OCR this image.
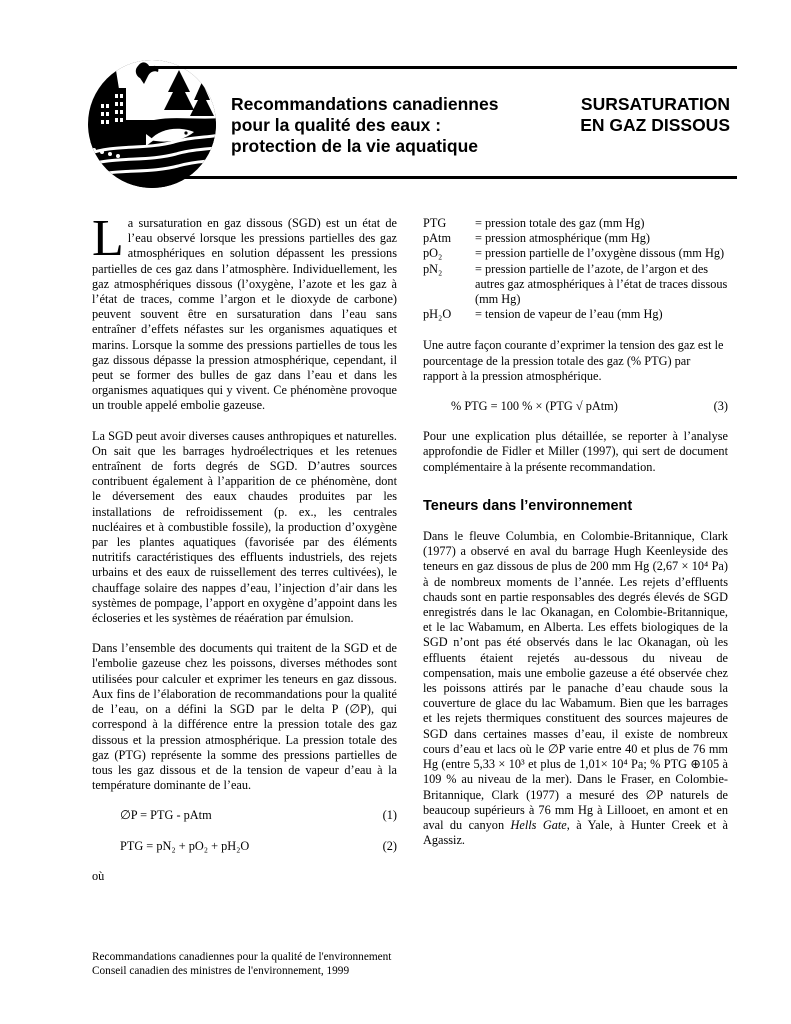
Recommandations canadiennes
pour la qualité des eaux :
protection de la vie aquatique
SURSATURATION
EN GAZ DISSOUS

La sursaturation en gaz dissous (SGD) est un état de l’eau observé lorsque les pressions partielles des gaz atmosphériques en solution dépassent les pressions partielles de ces gaz dans l’atmosphère. Individuellement, les gaz atmosphériques dissous (l’oxygène, l’azote et les gaz à l’état de traces, comme l’argon et le dioxyde de carbone) peuvent souvent être en sursaturation dans l’eau sans entraîner d’effets néfastes sur les organismes aquatiques et marins. Lorsque la somme des pressions partielles de tous les gaz dissous dépasse la pression atmosphérique, cependant, il peut se former des bulles de gaz dans l’eau et dans les organismes aquatiques qui y vivent. Ce phénomène provoque un trouble appelé embolie gazeuse.

La SGD peut avoir diverses causes anthropiques et naturelles. On sait que les barrages hydroélectriques et les retenues entraînent de forts degrés de SGD. D’autres sources contribuent également à l’apparition de ce phénomène, dont le déversement des eaux chaudes produites par les installations de refroidissement (p. ex., les centrales nucléaires et à combustible fossile), la production d’oxygène par les plantes aquatiques (favorisée par des éléments nutritifs caractéristiques des effluents industriels, des rejets urbains et des eaux de ruissellement des terres cultivées), le chauffage solaire des nappes d’eau, l’injection d’air dans les systèmes de pompage, l’apport en oxygène d’appoint dans les écloseries et les systèmes de réaération par émulsion.

Dans l’ensemble des documents qui traitent de la SGD et de l'embolie gazeuse chez les poissons, diverses méthodes sont utilisées pour calculer et exprimer les teneurs en gaz dissous. Aux fins de l’élaboration de recommandations pour la qualité de l’eau, on a défini la SGD par le delta P (∅P), qui correspond à la différence entre la pression totale des gaz dissous et la pression atmosphérique. La pression totale des gaz (PTG) représente la somme des pressions partielles de tous les gaz dissous et de la tension de vapeur d’eau à la température dominante de l’eau.

∅P = PTG - pAtm	(1)
PTG = pN₂ + pO₂ + pH₂O	(2)
où
PTG	= pression totale des gaz (mm Hg)
pAtm	= pression atmosphérique (mm Hg)
pO₂	= pression partielle de l’oxygène dissous (mm Hg)
pN₂	= pression partielle de l’azote, de l’argon et des autres gaz atmosphériques à l’état de traces dissous (mm Hg)
pH₂O	= tension de vapeur de l’eau (mm Hg)

Une autre façon courante d’exprimer la tension des gaz est le pourcentage de la pression totale des gaz (% PTG) par rapport à la pression atmosphérique.

% PTG = 100 % × (PTG √ pAtm)	(3)

Pour une explication plus détaillée, se reporter à l’analyse approfondie de Fidler et Miller (1997), qui sert de document complémentaire à la présente recommandation.

Teneurs dans l’environnement

Dans le fleuve Columbia, en Colombie-Britannique, Clark (1977) a observé en aval du barrage Hugh Keenleyside des teneurs en gaz dissous de plus de 200 mm Hg (2,67 × 10⁴ Pa) à de nombreux moments de l’année. Les rejets d’effluents chauds sont en partie responsables des degrés élevés de SGD enregistrés dans le lac Okanagan, en Colombie-Britannique, et le lac Wabamum, en Alberta. Les effets biologiques de la SGD n’ont pas été observés dans le lac Okanagan, où les effluents étaient rejetés au-dessous du niveau de compensation, mais une embolie gazeuse a été observée chez les poissons attirés par le panache d’eau chaude sous la couverture de glace du lac Wabamum. Bien que les barrages et les rejets thermiques constituent des sources majeures de SGD dans certaines masses d’eau, il existe de nombreux cours d’eau et lacs où le ∅P varie entre 40 et plus de 76 mm Hg (entre 5,33 × 10³ et plus de 1,01× 10⁴ Pa; % PTG ⊕105 à 109 % au niveau de la mer). Dans le Fraser, en Colombie-Britannique, Clark (1977) a mesuré des ∅P naturels de beaucoup supérieurs à 76 mm Hg à Lillooet, en amont et en aval du canyon Hells Gate, à Yale, à Hunter Creek et à Agassiz.

Recommandations canadiennes pour la qualité de l'environnement
Conseil canadien des ministres de l'environnement, 1999
